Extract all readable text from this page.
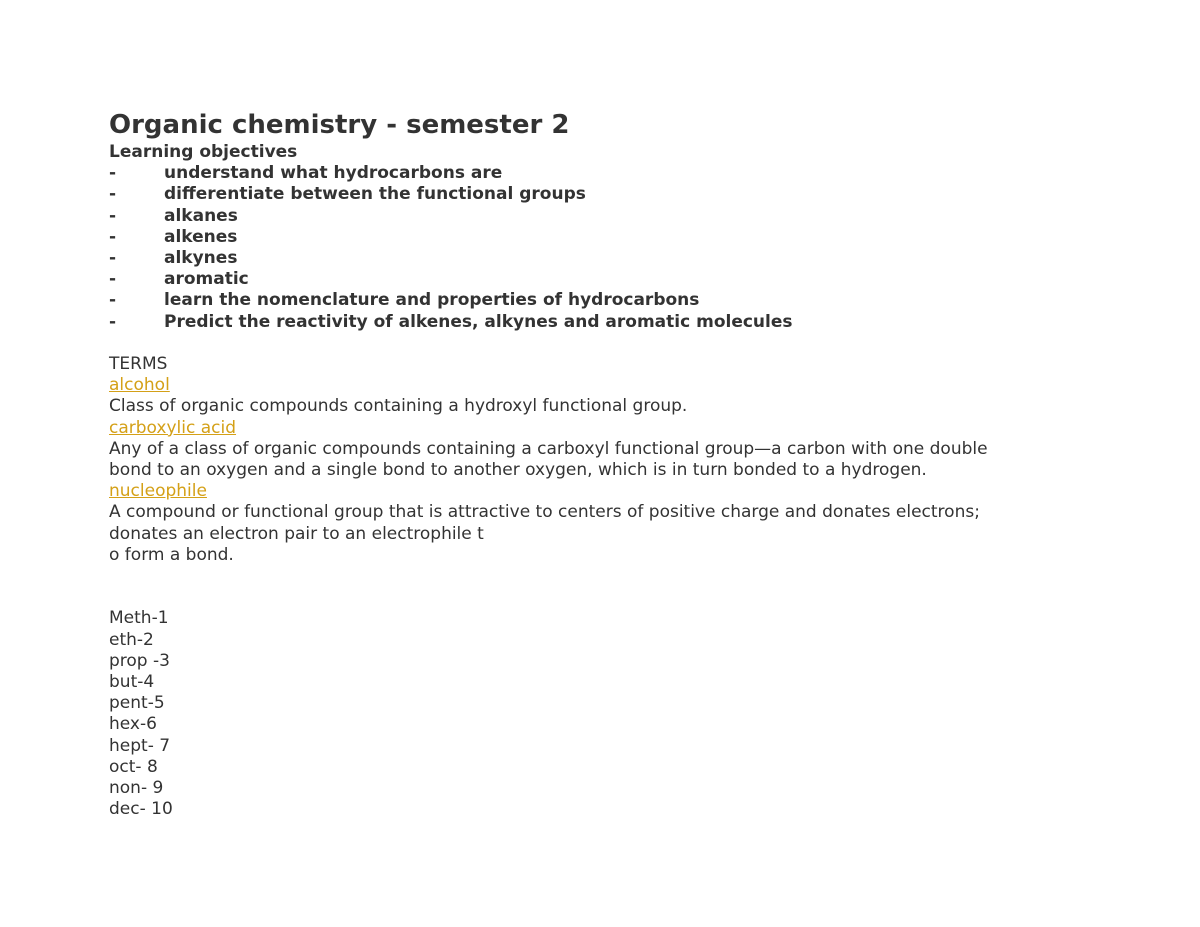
Organic chemistry - semester 2
Learning objectives
-	understand what hydrocarbons are
-	differentiate between the functional groups
-	alkanes
-	alkenes
-	alkynes
-	aromatic
-	learn the nomenclature and properties of hydrocarbons
-	Predict the reactivity of alkenes, alkynes and aromatic molecules
TERMS
alcohol
Class of organic compounds containing a hydroxyl functional group.
carboxylic acid
Any of a class of organic compounds containing a carboxyl functional group—a carbon with one double
bond to an oxygen and a single bond to another oxygen, which is in turn bonded to a hydrogen.
nucleophile
A compound or functional group that is attractive to centers of positive charge and donates electrons;
donates an electron pair to an electrophile t
o form a bond.
Meth-1
eth-2
prop -3
but-4
pent-5
hex-6
hept- 7
oct- 8
non- 9
dec- 10
